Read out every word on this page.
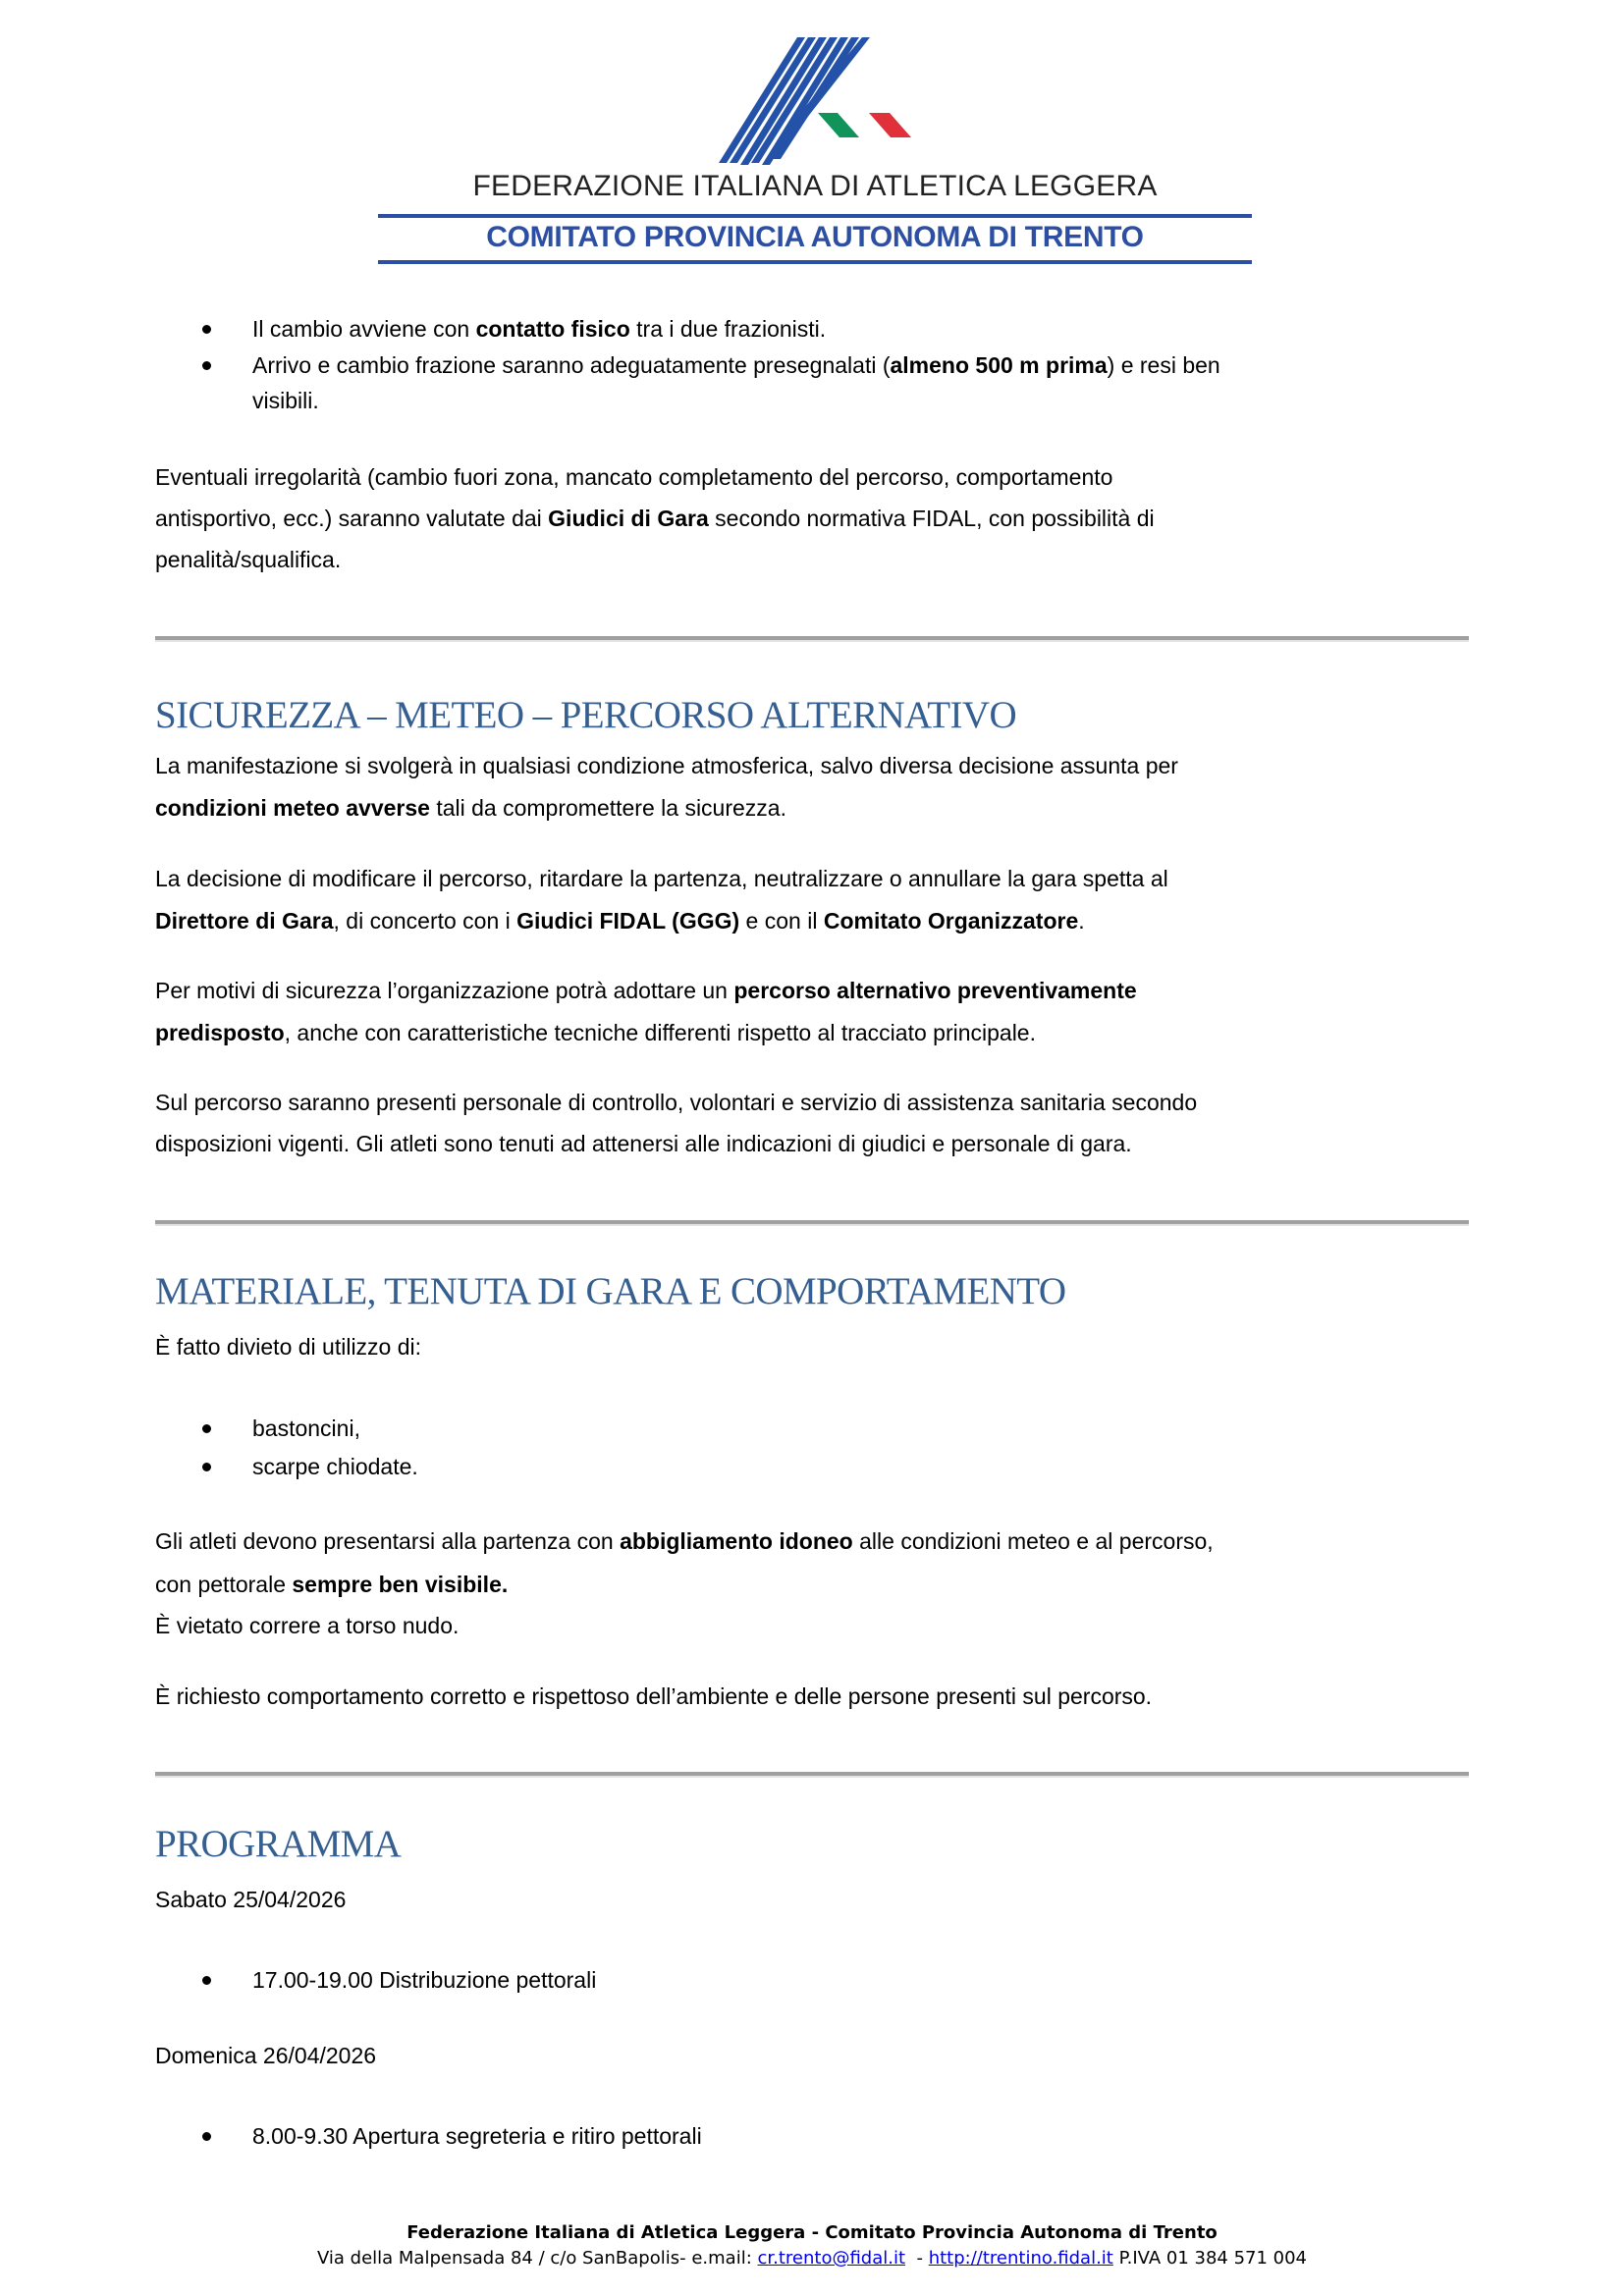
FEDERAZIONE ITALIANA DI ATLETICA LEGGERA
COMITATO PROVINCIA AUTONOMA DI TRENTO
Il cambio avviene con contatto fisico tra i due frazionisti.
Arrivo e cambio frazione saranno adeguatamente presegnalati (almeno 500 m prima) e resi ben
visibili.
Eventuali irregolarità (cambio fuori zona, mancato completamento del percorso, comportamento
antisportivo, ecc.) saranno valutate dai Giudici di Gara secondo normativa FIDAL, con possibilità di
penalità/squalifica.
SICUREZZA – METEO – PERCORSO ALTERNATIVO
La manifestazione si svolgerà in qualsiasi condizione atmosferica, salvo diversa decisione assunta per
condizioni meteo avverse tali da compromettere la sicurezza.
La decisione di modificare il percorso, ritardare la partenza, neutralizzare o annullare la gara spetta al
Direttore di Gara, di concerto con i Giudici FIDAL (GGG) e con il Comitato Organizzatore.
Per motivi di sicurezza l’organizzazione potrà adottare un percorso alternativo preventivamente
predisposto, anche con caratteristiche tecniche differenti rispetto al tracciato principale.
Sul percorso saranno presenti personale di controllo, volontari e servizio di assistenza sanitaria secondo
disposizioni vigenti. Gli atleti sono tenuti ad attenersi alle indicazioni di giudici e personale di gara.
MATERIALE, TENUTA DI GARA E COMPORTAMENTO
È fatto divieto di utilizzo di:
bastoncini,
scarpe chiodate.
Gli atleti devono presentarsi alla partenza con abbigliamento idoneo alle condizioni meteo e al percorso,
con pettorale sempre ben visibile.
È vietato correre a torso nudo.
È richiesto comportamento corretto e rispettoso dell’ambiente e delle persone presenti sul percorso.
PROGRAMMA
Sabato 25/04/2026
17.00-19.00 Distribuzione pettorali
Domenica 26/04/2026
8.00-9.30 Apertura segreteria e ritiro pettorali
Federazione Italiana di Atletica Leggera - Comitato Provincia Autonoma di Trento
Via della Malpensada 84 / c/o SanBapolis- e.mail: cr.trento@fidal.it  - http://trentino.fidal.it P.IVA 01 384 571 004
